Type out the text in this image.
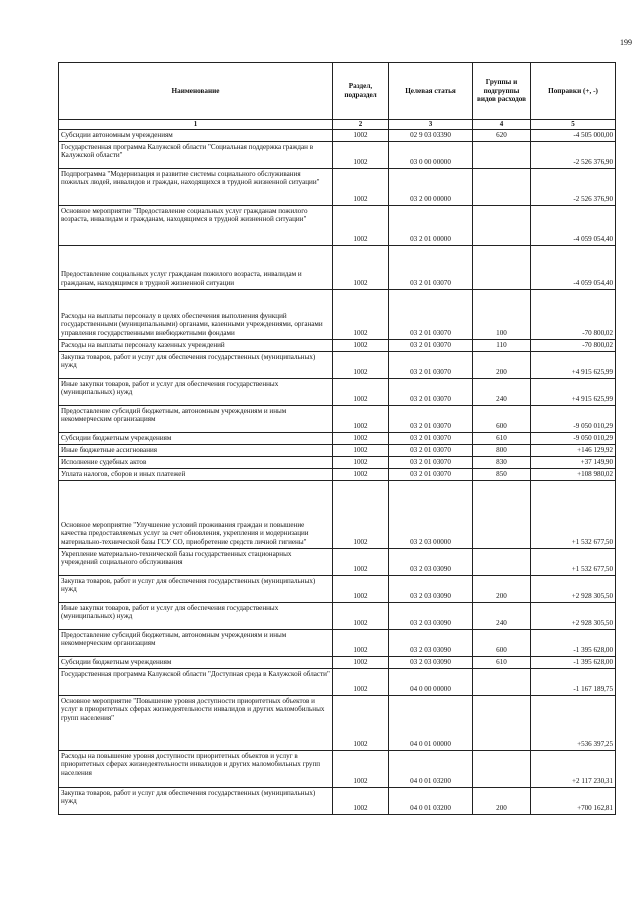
199
Наименование	Раздел, подраздел	Целевая статья	Группы и подгруппы видов расходов	Поправки (+, -)
1	2	3	4	5
Субсидии автономным учреждениям	1002	02 9 03 03390	620	-4 505 000,00
Государственная программа Калужской области "Социальная поддержка граждан в Калужской области"	1002	03 0 00 00000		-2 526 376,90
Подпрограмма "Модернизация и развитие системы социального обслуживания пожилых людей, инвалидов и граждан, находящихся в трудной жизненной ситуации"	1002	03 2 00 00000		-2 526 376,90
Основное мероприятие "Предоставление социальных услуг гражданам пожилого возраста, инвалидам и гражданам, находящимся в трудной жизненной ситуации"	1002	03 2 01 00000		-4 059 054,40
Предоставление социальных услуг гражданам пожилого возраста, инвалидам и гражданам, находящимся в трудной жизненной ситуации	1002	03 2 01 03070		-4 059 054,40
Расходы на выплаты персоналу в целях обеспечения выполнения функций государственными (муниципальными) органами, казенными учреждениями, органами управления государственными внебюджетными фондами	1002	03 2 01 03070	100	-70 800,02
Расходы на выплаты персоналу казенных учреждений	1002	03 2 01 03070	110	-70 800,02
Закупка товаров, работ и услуг для обеспечения государственных (муниципальных) нужд	1002	03 2 01 03070	200	+4 915 625,99
Иные закупки товаров, работ и услуг для обеспечения государственных (муниципальных) нужд	1002	03 2 01 03070	240	+4 915 625,99
Предоставление субсидий бюджетным, автономным учреждениям и иным некоммерческим организациям	1002	03 2 01 03070	600	-9 050 010,29
Субсидии бюджетным учреждениям	1002	03 2 01 03070	610	-9 050 010,29
Иные бюджетные ассигнования	1002	03 2 01 03070	800	+146 129,92
Исполнение судебных актов	1002	03 2 01 03070	830	+37 149,90
Уплата налогов, сборов и иных платежей	1002	03 2 01 03070	850	+108 980,02
Основное мероприятие "Улучшение условий проживания граждан и повышение качества предоставляемых услуг за счет обновления, укрепления и модернизации материально-технической базы ГСУ СО, приобретение средств личной гигиены"	1002	03 2 03 00000		+1 532 677,50
Укрепление материально-технической базы государственных стационарных учреждений социального обслуживания	1002	03 2 03 03090		+1 532 677,50
Закупка товаров, работ и услуг для обеспечения государственных (муниципальных) нужд	1002	03 2 03 03090	200	+2 928 305,50
Иные закупки товаров, работ и услуг для обеспечения государственных (муниципальных) нужд	1002	03 2 03 03090	240	+2 928 305,50
Предоставление субсидий бюджетным, автономным учреждениям и иным некоммерческим организациям	1002	03 2 03 03090	600	-1 395 628,00
Субсидии бюджетным учреждениям	1002	03 2 03 03090	610	-1 395 628,00
Государственная программа Калужской области "Доступная среда в Калужской области"	1002	04 0 00 00000		-1 167 189,75
Основное мероприятие "Повышение уровня доступности приоритетных объектов и услуг в приоритетных сферах жизнедеятельности инвалидов и других маломобильных групп населения"	1002	04 0 01 00000		+536 397,25
Расходы на повышение уровня доступности приоритетных объектов и услуг в приоритетных сферах жизнедеятельности инвалидов и других маломобильных групп населения	1002	04 0 01 03200		+2 117 230,31
Закупка товаров, работ и услуг для обеспечения государственных (муниципальных) нужд	1002	04 0 01 03200	200	+700 162,81
